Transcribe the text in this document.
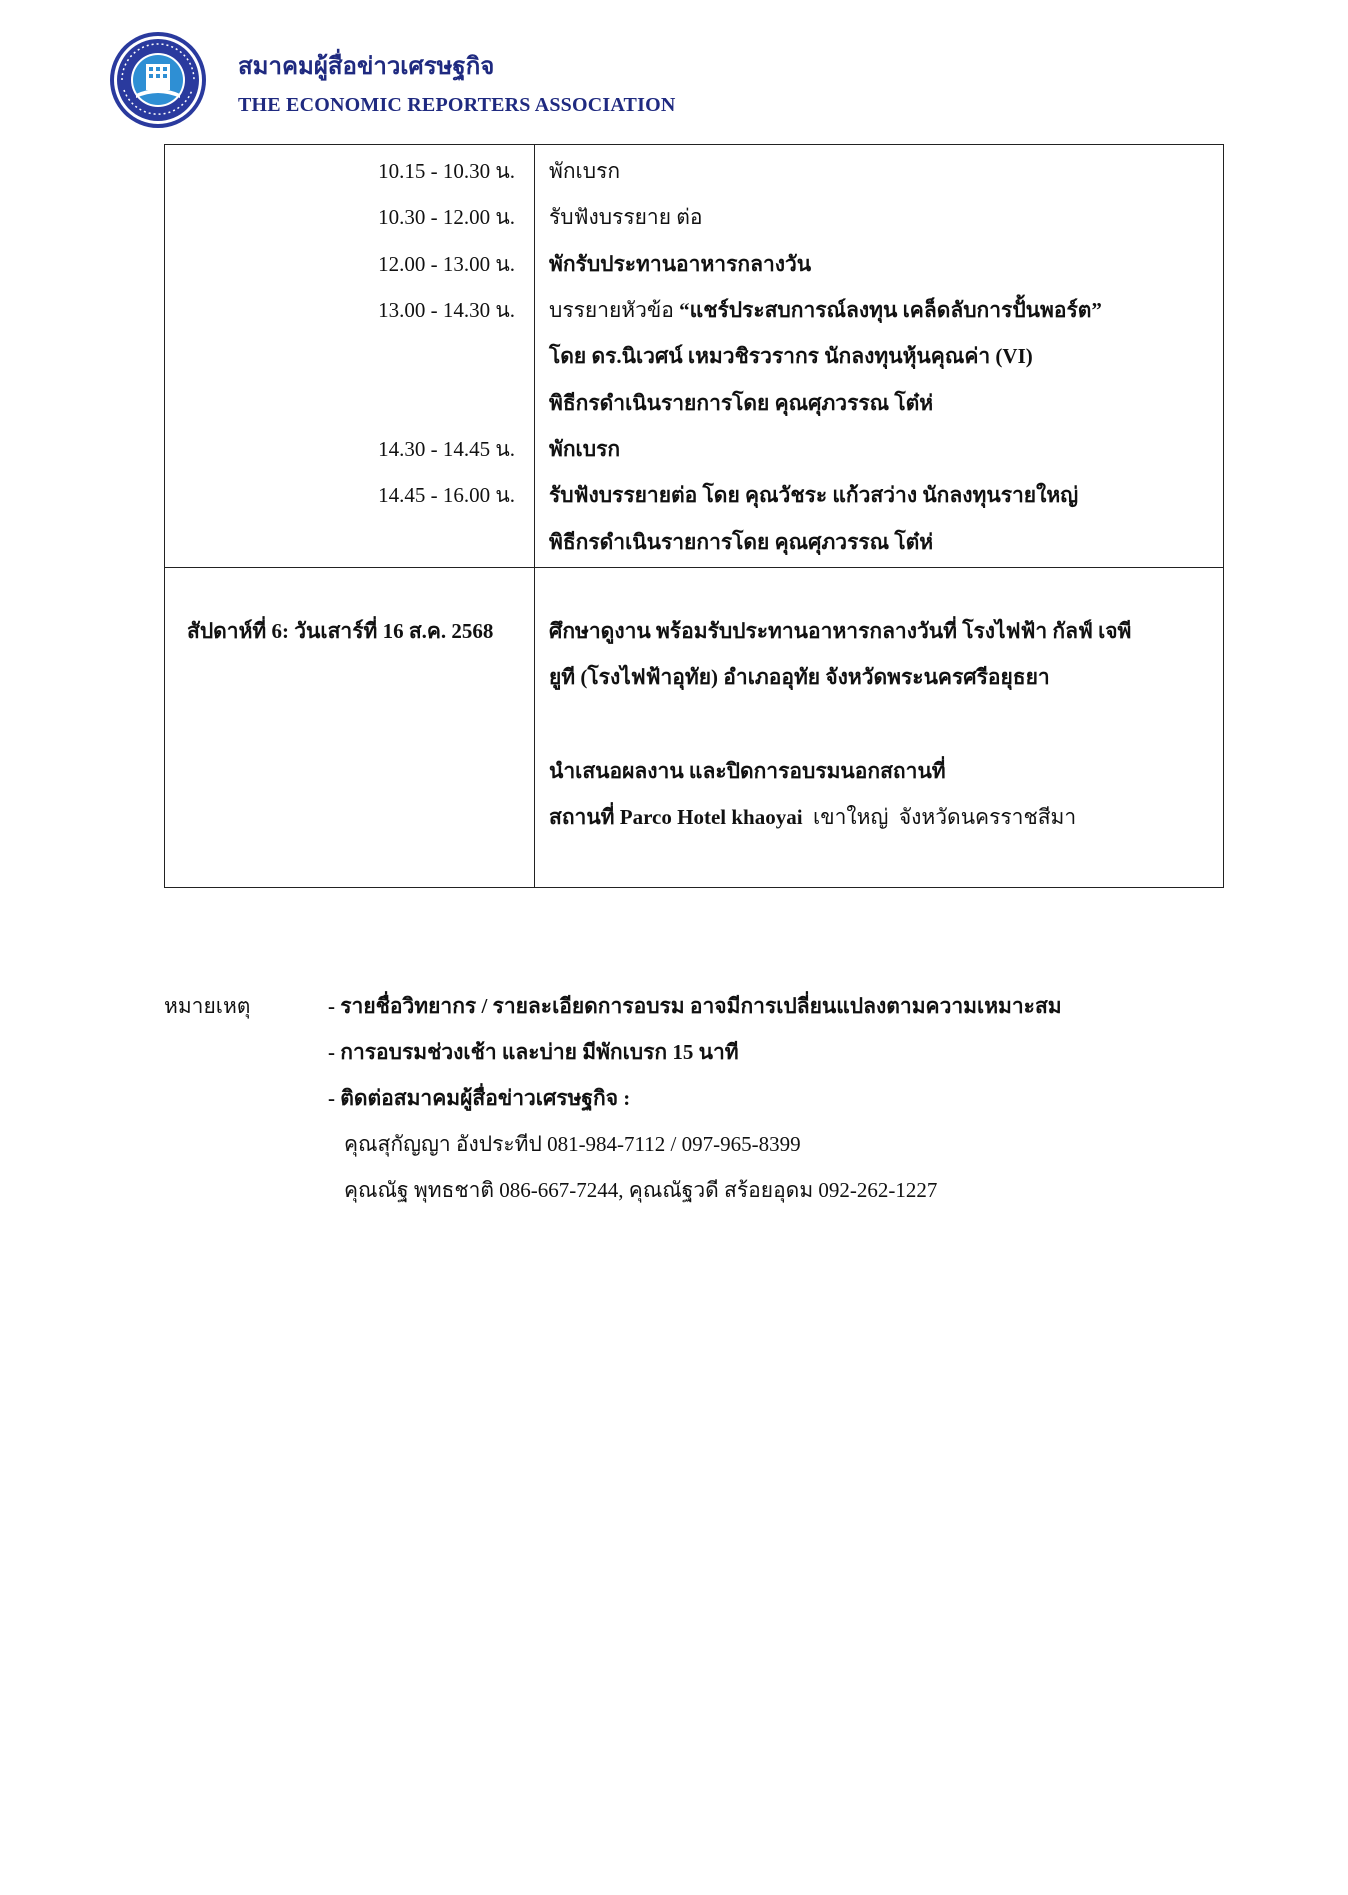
สมาคมผู้สื่อข่าวเศรษฐกิจ
THE ECONOMIC REPORTERS ASSOCIATION
10.15 - 10.30 น. พักเบรก
10.30 - 12.00 น. รับฟังบรรยาย ต่อ
12.00 - 13.00 น. พักรับประทานอาหารกลางวัน
13.00 - 14.30 น. บรรยายหัวข้อ “แชร์ประสบการณ์ลงทุน เคล็ดลับการปั้นพอร์ต”
โดย ดร.นิเวศน์ เหมวชิรวรากร นักลงทุนหุ้นคุณค่า (VI)
พิธีกรดำเนินรายการโดย คุณศุภวรรณ โต๋ห่
14.30 - 14.45 น. พักเบรก
14.45 - 16.00 น. รับฟังบรรยายต่อ โดย คุณวัชระ แก้วสว่าง นักลงทุนรายใหญ่
พิธีกรดำเนินรายการโดย คุณศุภวรรณ โต๋ห่
สัปดาห์ที่ 6: วันเสาร์ที่ 16 ส.ค. 2568	ศึกษาดูงาน พร้อมรับประทานอาหารกลางวันที่ โรงไฟฟ้า กัลฟ์ เจพี
ยูที (โรงไฟฟ้าอุทัย) อำเภออุทัย จังหวัดพระนครศรีอยุธยา
นำเสนอผลงาน และปิดการอบรมนอกสถานที่
สถานที่ Parco Hotel khaoyai  เขาใหญ่  จังหวัดนครราชสีมา
หมายเหตุ	- รายชื่อวิทยากร / รายละเอียดการอบรม อาจมีการเปลี่ยนแปลงตามความเหมาะสม
- การอบรมช่วงเช้า และบ่าย มีพักเบรก 15 นาที
- ติดต่อสมาคมผู้สื่อข่าวเศรษฐกิจ :
คุณสุกัญญา อังประทีป 081-984-7112 / 097-965-8399
คุณณัฐ พุทธชาติ 086-667-7244, คุณณัฐวดี สร้อยอุดม 092-262-1227
